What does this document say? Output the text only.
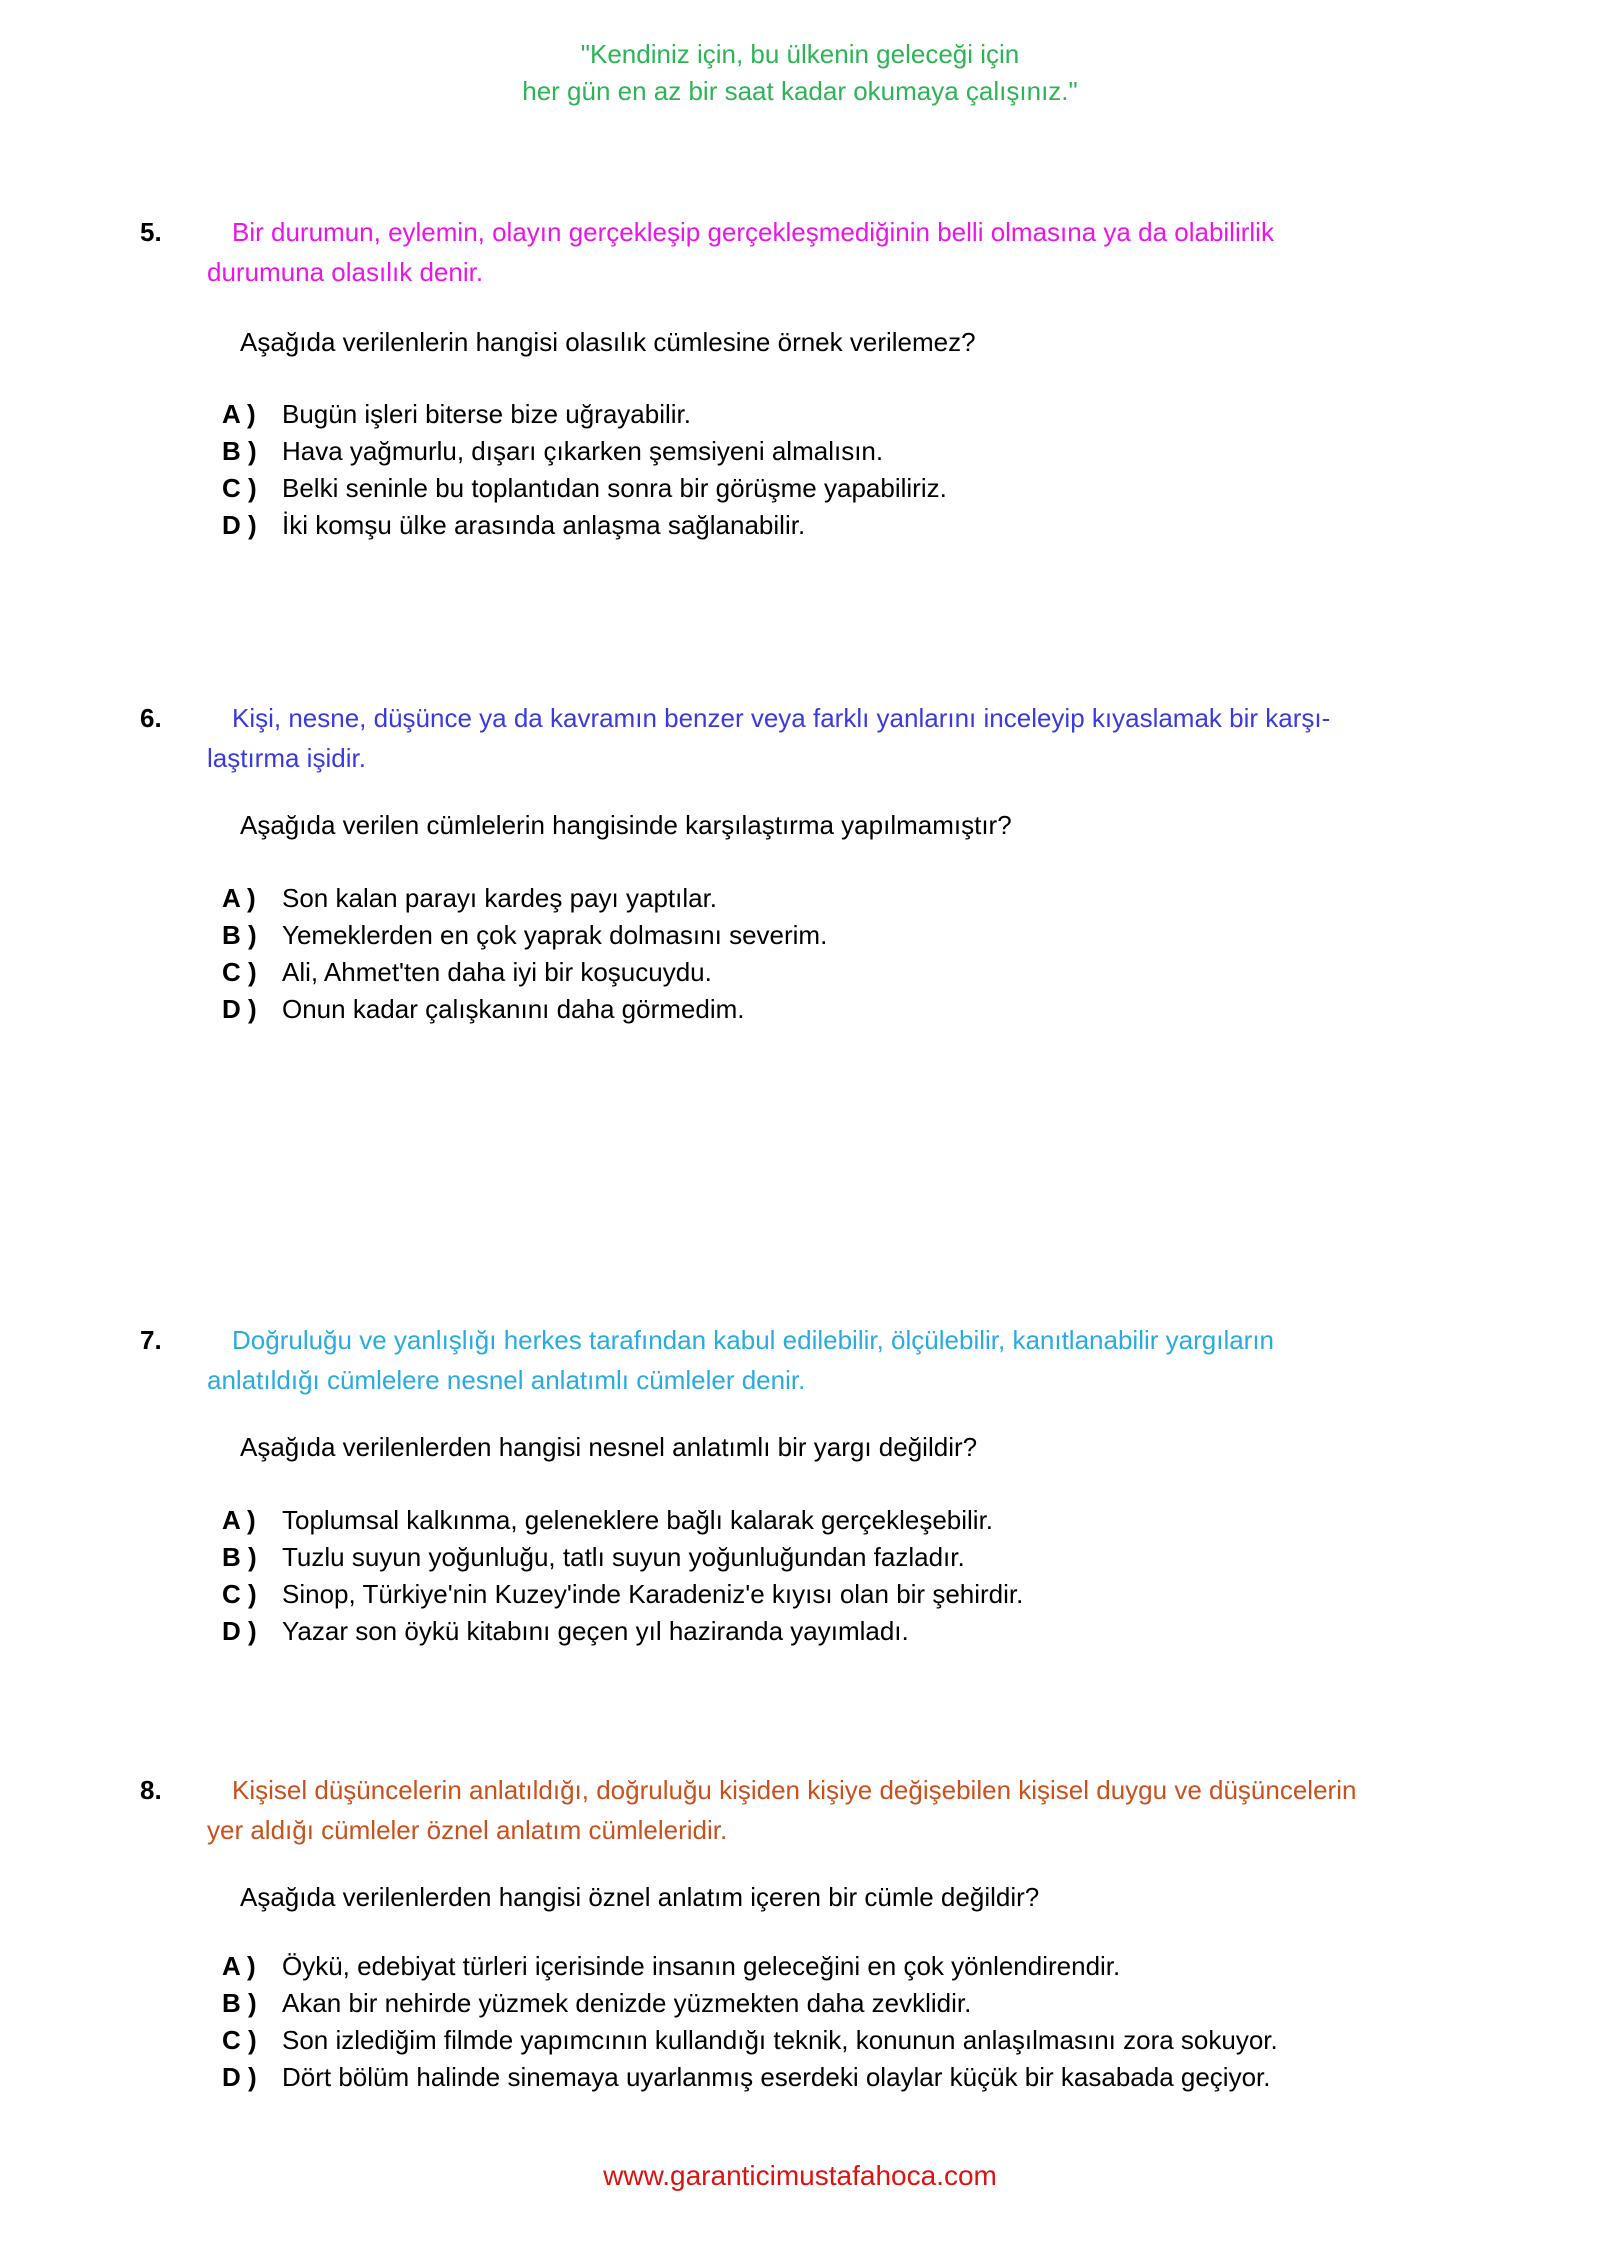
"Kendiniz için, bu ülkenin geleceği için
her gün en az bir saat kadar okumaya çalışınız."
5.	Bir durumun, eylemin, olayın gerçekleşip gerçekleşmediğinin belli olmasına ya da olabilirlik
durumuna olasılık denir.
Aşağıda verilenlerin hangisi olasılık cümlesine örnek verilemez?
A )	Bugün işleri biterse bize uğrayabilir.
B ) Hava yağmurlu, dışarı çıkarken şemsiyeni almalısın.
C ) Belki seninle bu toplantıdan sonra bir görüşme yapabiliriz.
D ) İki komşu ülke arasında anlaşma sağlanabilir.
6.	Kişi, nesne, düşünce ya da kavramın benzer veya farklı yanlarını inceleyip kıyaslamak bir karşı-
laştırma işidir.
Aşağıda verilen cümlelerin hangisinde karşılaştırma yapılmamıştır?
A )	Son kalan parayı kardeş payı yaptılar.
B ) Yemeklerden en çok yaprak dolmasını severim.
C ) Ali, Ahmet'ten daha iyi bir koşucuydu.
D ) Onun kadar çalışkanını daha görmedim.
7.	Doğruluğu ve yanlışlığı herkes tarafından kabul edilebilir, ölçülebilir, kanıtlanabilir yargıların
anlatıldığı cümlelere nesnel anlatımlı cümleler denir.
Aşağıda verilenlerden hangisi nesnel anlatımlı bir yargı değildir?
A )	Toplumsal kalkınma, geleneklere bağlı kalarak gerçekleşebilir.
B ) Tuzlu suyun yoğunluğu, tatlı suyun yoğunluğundan fazladır.
C ) Sinop, Türkiye'nin Kuzey'inde Karadeniz'e kıyısı olan bir şehirdir.
D ) Yazar son öykü kitabını geçen yıl haziranda yayımladı.
8.	Kişisel düşüncelerin anlatıldığı, doğruluğu kişiden kişiye değişebilen kişisel duygu ve düşüncelerin
yer aldığı cümleler öznel anlatım cümleleridir.
Aşağıda verilenlerden hangisi öznel anlatım içeren bir cümle değildir?
A )	Öykü, edebiyat türleri içerisinde insanın geleceğini en çok yönlendirendir.
B ) Akan bir nehirde yüzmek denizde yüzmekten daha zevklidir.
C ) Son izlediğim filmde yapımcının kullandığı teknik, konunun anlaşılmasını zora sokuyor.
D ) Dört bölüm halinde sinemaya uyarlanmış eserdeki olaylar küçük bir kasabada geçiyor.
www.garanticimustafahoca.com
